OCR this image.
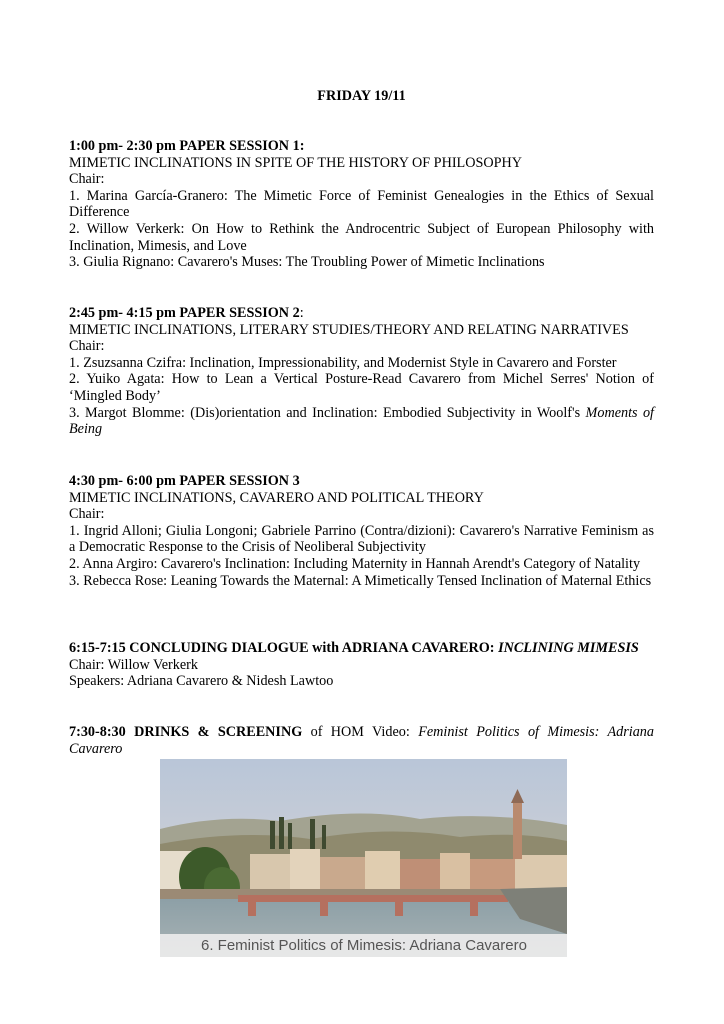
FRIDAY 19/11

1:00 pm- 2:30 pm PAPER SESSION 1:

MIMETIC INCLINATIONS IN SPITE OF THE HISTORY OF PHILOSOPHY

Chair:

1. Marina García-Granero: The Mimetic Force of Feminist Genealogies in the Ethics of Sexual Difference

2. Willow Verkerk: On How to Rethink the Androcentric Subject of European Philosophy with Inclination, Mimesis, and Love

3. Giulia Rignano: Cavarero's Muses: The Troubling Power of Mimetic Inclinations

2:45 pm- 4:15 pm PAPER SESSION 2:

MIMETIC INCLINATIONS, LITERARY STUDIES/THEORY AND RELATING NARRATIVES

Chair:

1. Zsuzsanna Czifra: Inclination, Impressionability, and Modernist Style in Cavarero and Forster

2. Yuiko Agata: How to Lean a Vertical Posture-Read Cavarero from Michel Serres' Notion of ‘Mingled Body’

3. Margot Blomme: (Dis)orientation and Inclination: Embodied Subjectivity in Woolf's Moments of Being

4:30 pm- 6:00 pm PAPER SESSION 3

MIMETIC INCLINATIONS, CAVARERO AND POLITICAL THEORY

Chair:

1. Ingrid Alloni; Giulia Longoni; Gabriele Parrino (Contra/dizioni): Cavarero's Narrative Feminism as a Democratic Response to the Crisis of Neoliberal Subjectivity

2. Anna Argiro: Cavarero's Inclination: Including Maternity in Hannah Arendt's Category of Natality

3. Rebecca Rose: Leaning Towards the Maternal: A Mimetically Tensed Inclination of Maternal Ethics

6:15-7:15 CONCLUDING DIALOGUE with ADRIANA CAVARERO: INCLINING MIMESIS

Chair: Willow Verkerk

Speakers: Adriana Cavarero & Nidesh Lawtoo

7:30-8:30 DRINKS & SCREENING of HOM Video: Feminist Politics of Mimesis: Adriana Cavarero

6. Feminist Politics of Mimesis: Adriana Cavarero
